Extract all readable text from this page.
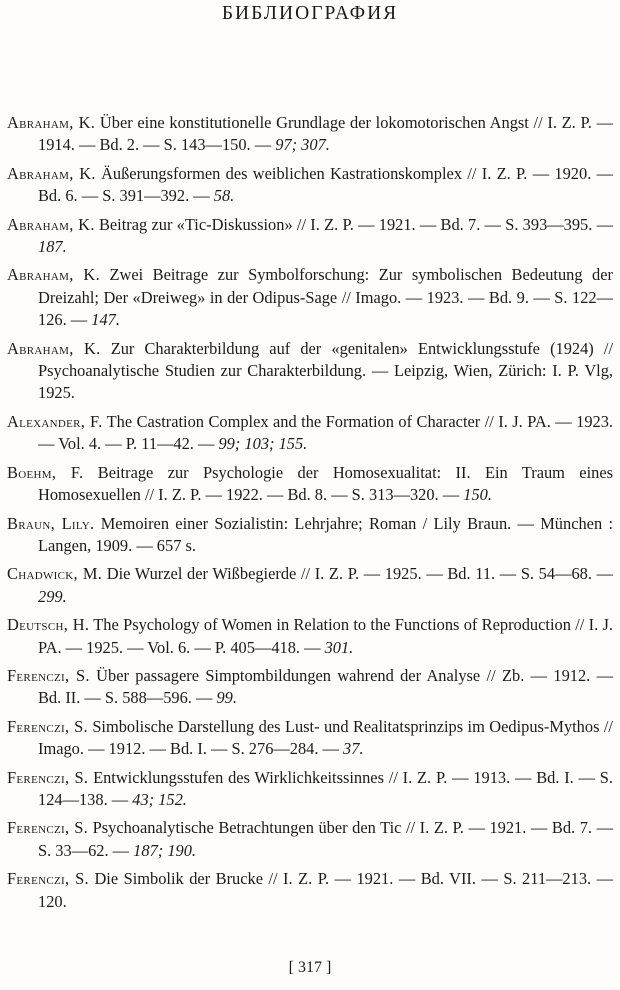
БИБЛИОГРАФИЯ

Abraham, K. Über eine konstitutionelle Grundlage der lokomotorischen Angst // I. Z. P. — 1914. — Bd. 2. — S. 143—150. — 97; 307.

Abraham, K. Äußerungsformen des weiblichen Kastrationskomplex // I. Z. P. — 1920. — Bd. 6. — S. 391—392. — 58.

Abraham, K. Beitrag zur «Tic-Diskussion» // I. Z. P. — 1921. — Bd. 7. — S. 393—395. — 187.

Abraham, K. Zwei Beitrage zur Symbolforschung: Zur symbolischen Bedeutung der Dreizahl; Der «Dreiweg» in der Odipus-Sage // Imago. — 1923. — Bd. 9. — S. 122—126. — 147.

Abraham, K. Zur Charakterbildung auf der «genitalen» Entwicklungsstufe (1924) // Psychoanalytische Studien zur Charakterbildung. — Leipzig, Wien, Zürich: I. P. Vlg, 1925.

Alexander, F. The Castration Complex and the Formation of Character // I. J. PA. — 1923. — Vol. 4. — P. 11—42. — 99; 103; 155.

Boehm, F. Beitrage zur Psychologie der Homosexualitat: II. Ein Traum eines Homosexuellen // I. Z. P. — 1922. — Bd. 8. — S. 313—320. — 150.

Braun, Lily. Memoiren einer Sozialistin: Lehrjahre; Roman / Lily Braun. — München : Langen, 1909. — 657 s.

Chadwick, M. Die Wurzel der Wißbegierde // I. Z. P. — 1925. — Bd. 11. — S. 54—68. — 299.

Deutsch, H. The Psychology of Women in Relation to the Functions of Reproduction // I. J. PA. — 1925. — Vol. 6. — P. 405—418. — 301.

Ferenczi, S. Über passagere Simptombildungen wahrend der Analyse // Zb. — 1912. — Bd. II. — S. 588—596. — 99.

Ferenczi, S. Simbolische Darstellung des Lust- und Realitatsprinzips im Oedipus-Mythos // Imago. — 1912. — Bd. I. — S. 276—284. — 37.

Ferenczi, S. Entwicklungsstufen des Wirklichkeitssinnes // I. Z. P. — 1913. — Bd. I. — S. 124—138. — 43; 152.

Ferenczi, S. Psychoanalytische Betrachtungen über den Tic // I. Z. P. — 1921. — Bd. 7. — S. 33—62. — 187; 190.

Ferenczi, S. Die Simbolik der Brucke // I. Z. P. — 1921. — Bd. VII. — S. 211—213. — 120.

[ 317 ]
